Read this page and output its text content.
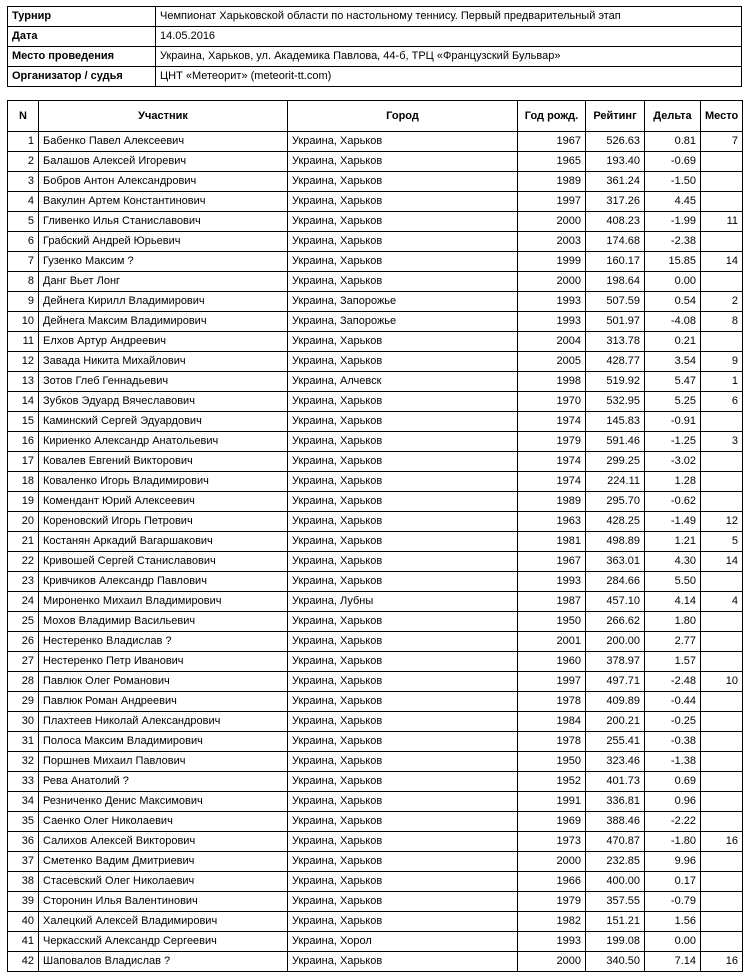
Турнир	Чемпионат Харьковской области по настольному теннису. Первый предварительный этап
Дата	14.05.2016
Место проведения	Украина, Харьков, ул. Академика Павлова, 44-б, ТРЦ «Французский Бульвар»
Организатор / судья	ЦНТ «Метеорит» (meteorit-tt.com)
N	Участник	Город	Год рожд.	Рейтинг	Дельта	Место
1	Бабенко Павел Алексеевич	Украина, Харьков	1967	526.63	0.81	7
2	Балашов Алексей Игоревич	Украина, Харьков	1965	193.40	-0.69	
3	Бобров Антон Александрович	Украина, Харьков	1989	361.24	-1.50	
4	Вакулин Артем Константинович	Украина, Харьков	1997	317.26	4.45	
5	Гливенко Илья Станиславович	Украина, Харьков	2000	408.23	-1.99	11
6	Грабский Андрей Юрьевич	Украина, Харьков	2003	174.68	-2.38	
7	Гузенко Максим ?	Украина, Харьков	1999	160.17	15.85	14
8	Данг Вьет Лонг	Украина, Харьков	2000	198.64	0.00	
9	Дейнега Кирилл Владимирович	Украина, Запорожье	1993	507.59	0.54	2
10	Дейнега Максим Владимирович	Украина, Запорожье	1993	501.97	-4.08	8
11	Елхов Артур Андреевич	Украина, Харьков	2004	313.78	0.21	
12	Завада Никита Михайлович	Украина, Харьков	2005	428.77	3.54	9
13	Зотов Глеб Геннадьевич	Украина, Алчевск	1998	519.92	5.47	1
14	Зубков Эдуард Вячеславович	Украина, Харьков	1970	532.95	5.25	6
15	Каминский Сергей Эдуардович	Украина, Харьков	1974	145.83	-0.91	
16	Кириенко Александр Анатольевич	Украина, Харьков	1979	591.46	-1.25	3
17	Ковалев Евгений Викторович	Украина, Харьков	1974	299.25	-3.02	
18	Коваленко Игорь Владимирович	Украина, Харьков	1974	224.11	1.28	
19	Комендант Юрий Алексеевич	Украина, Харьков	1989	295.70	-0.62	
20	Кореновский Игорь Петрович	Украина, Харьков	1963	428.25	-1.49	12
21	Костанян Аркадий Вагаршакович	Украина, Харьков	1981	498.89	1.21	5
22	Кривошей Сергей Станиславович	Украина, Харьков	1967	363.01	4.30	14
23	Кривчиков Александр Павлович	Украина, Харьков	1993	284.66	5.50	
24	Мироненко Михаил Владимирович	Украина, Лубны	1987	457.10	4.14	4
25	Мохов Владимир Васильевич	Украина, Харьков	1950	266.62	1.80	
26	Нестеренко Владислав ?	Украина, Харьков	2001	200.00	2.77	
27	Нестеренко Петр Иванович	Украина, Харьков	1960	378.97	1.57	
28	Павлюк Олег Романович	Украина, Харьков	1997	497.71	-2.48	10
29	Павлюк Роман Андреевич	Украина, Харьков	1978	409.89	-0.44	
30	Плахтеев Николай Александрович	Украина, Харьков	1984	200.21	-0.25	
31	Полоса Максим Владимирович	Украина, Харьков	1978	255.41	-0.38	
32	Поршнев Михаил Павлович	Украина, Харьков	1950	323.46	-1.38	
33	Рева Анатолий ?	Украина, Харьков	1952	401.73	0.69	
34	Резниченко Денис Максимович	Украина, Харьков	1991	336.81	0.96	
35	Саенко Олег Николаевич	Украина, Харьков	1969	388.46	-2.22	
36	Салихов Алексей Викторович	Украина, Харьков	1973	470.87	-1.80	16
37	Сметенко Вадим Дмитриевич	Украина, Харьков	2000	232.85	9.96	
38	Стасевский Олег Николаевич	Украина, Харьков	1966	400.00	0.17	
39	Сторонин Илья Валентинович	Украина, Харьков	1979	357.55	-0.79	
40	Халецкий Алексей Владимирович	Украина, Харьков	1982	151.21	1.56	
41	Черкасский Александр Сергеевич	Украина, Хорол	1993	199.08	0.00	
42	Шаповалов Владислав ?	Украина, Харьков	2000	340.50	7.14	16
